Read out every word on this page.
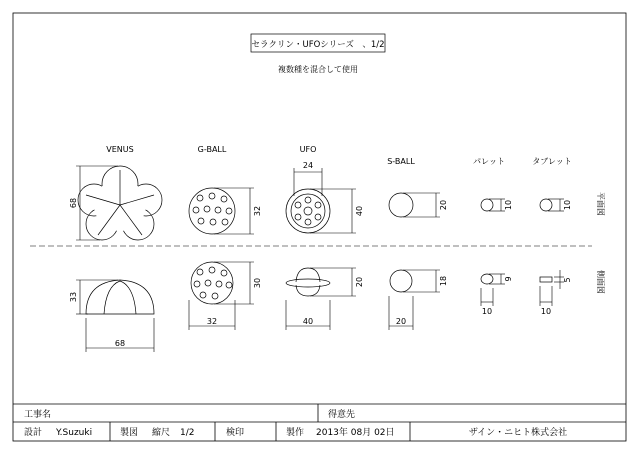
セラクリン・UFOシリーズ　、1/2
複数種を混合して使用
平面図
側面図
VENUS	G-BALL	UFO
S-BALL	パレット	タブレット
68
33
68
32
30
32
24
40
20
40
20
18
20
10
9
10
10
5
10
工事名	得意先
設計 Y.Suzuki	製図 縮尺 1/2	検印	製作 2013年 08月 02日	ザイン・ニヒト株式会社
